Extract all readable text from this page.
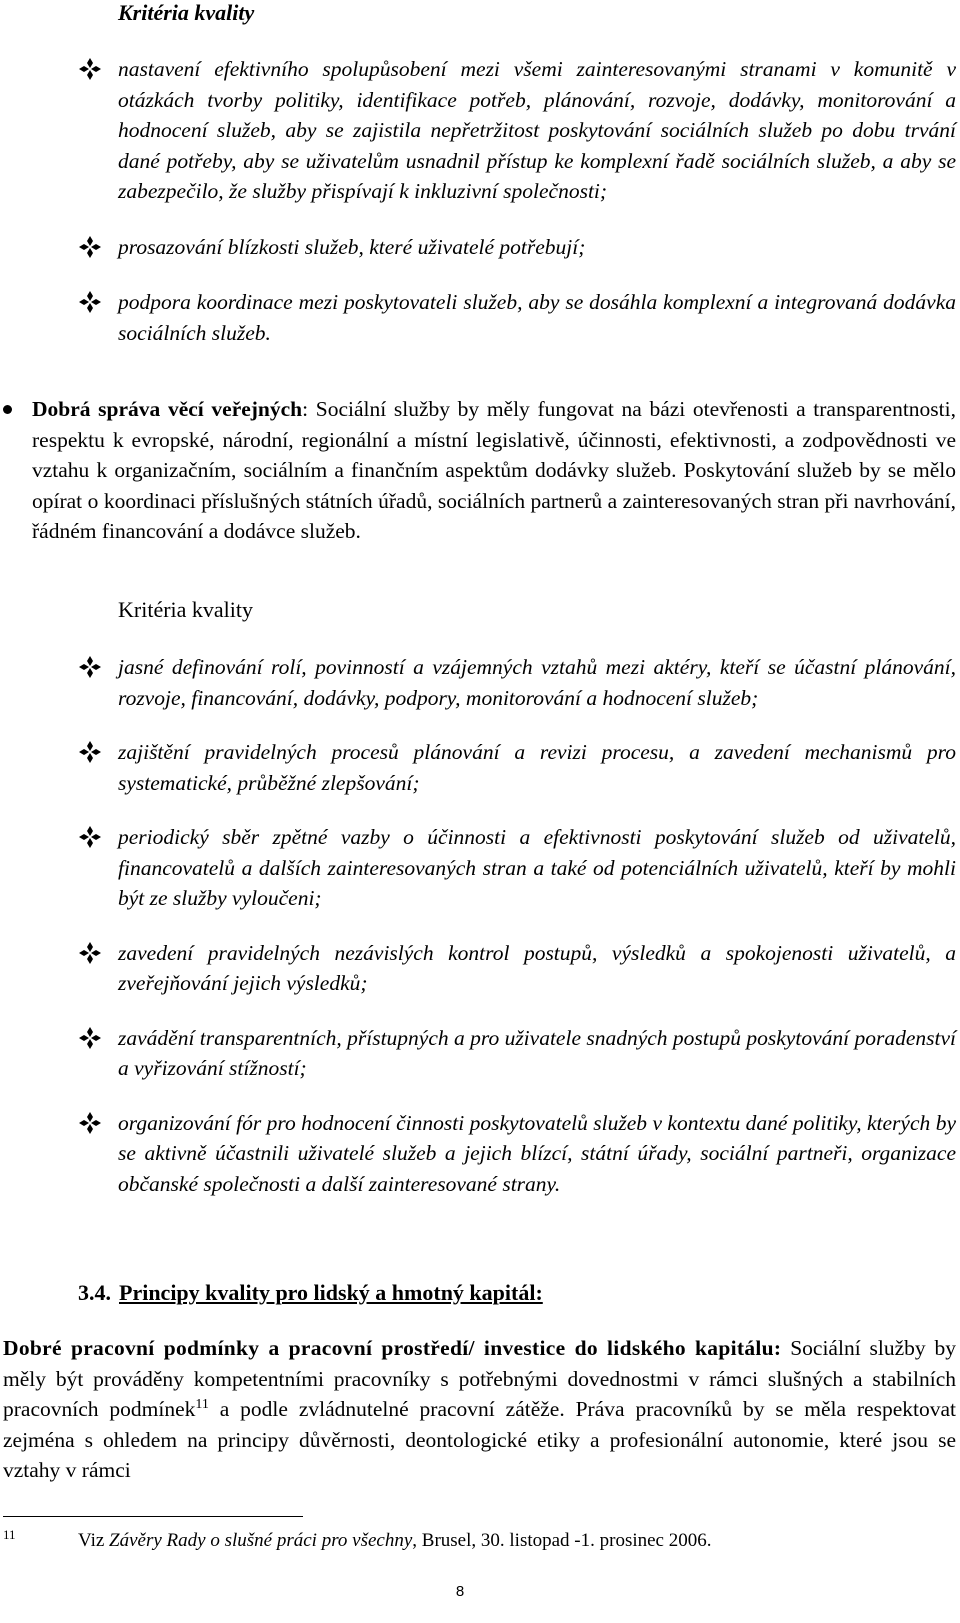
Kritéria kvality
nastavení efektivního spolupůsobení mezi všemi zainteresovanými stranami v komunitě v otázkách tvorby politiky, identifikace potřeb, plánování, rozvoje, dodávky, monitorování a hodnocení služeb, aby se zajistila nepřetržitost poskytování sociálních služeb po dobu trvání dané potřeby, aby se uživatelům usnadnil přístup ke komplexní řadě sociálních služeb, a aby se zabezpečilo, že služby přispívají k inkluzivní společnosti;
prosazování blízkosti služeb, které uživatelé potřebují;
podpora koordinace mezi poskytovateli služeb, aby se dosáhla komplexní a integrovaná dodávka sociálních služeb.
Dobrá správa věcí veřejných: Sociální služby by měly fungovat na bázi otevřenosti a transparentnosti, respektu k evropské, národní, regionální a místní legislativě, účinnosti, efektivnosti, a zodpovědnosti ve vztahu k organizačním, sociálním a finančním aspektům dodávky služeb. Poskytování služeb by se mělo opírat o koordinaci příslušných státních úřadů, sociálních partnerů a zainteresovaných stran při navrhování, řádném financování a dodávce služeb.
Kritéria kvality
jasné definování rolí, povinností a vzájemných vztahů mezi aktéry, kteří se účastní plánování, rozvoje, financování, dodávky, podpory, monitorování a hodnocení služeb;
zajištění pravidelných procesů plánování a revizi procesu, a zavedení mechanismů pro systematické, průběžné zlepšování;
periodický sběr zpětné vazby o účinnosti a efektivnosti poskytování služeb od uživatelů, financovatelů a dalších zainteresovaných stran a také od potenciálních uživatelů, kteří by mohli být ze služby vyloučeni;
zavedení pravidelných nezávislých kontrol postupů, výsledků a spokojenosti uživatelů, a zveřejňování jejich výsledků;
zavádění transparentních, přístupných a pro uživatele snadných postupů poskytování poradenství a vyřizování stížností;
organizování fór pro hodnocení činnosti poskytovatelů služeb v kontextu dané politiky, kterých by se aktivně účastnili uživatelé služeb a jejich blízcí, státní úřady, sociální partneři, organizace občanské společnosti a další zainteresované strany.
3.4. Principy kvality pro lidský a hmotný kapitál:
Dobré pracovní podmínky a pracovní prostředí/ investice do lidského kapitálu: Sociální služby by měly být prováděny kompetentními pracovníky s potřebnými dovednostmi v rámci slušných a stabilních pracovních podmínek$^{11}$ a podle zvládnutelné pracovní zátěže. Práva pracovníků by se měla respektovat zejména s ohledem na principy důvěrnosti, deontologické etiky a profesionální autonomie, které jsou se vztahy v rámci
11	Viz Závěry Rady o slušné práci pro všechny, Brusel, 30. listopad -1. prosinec 2006.
8
